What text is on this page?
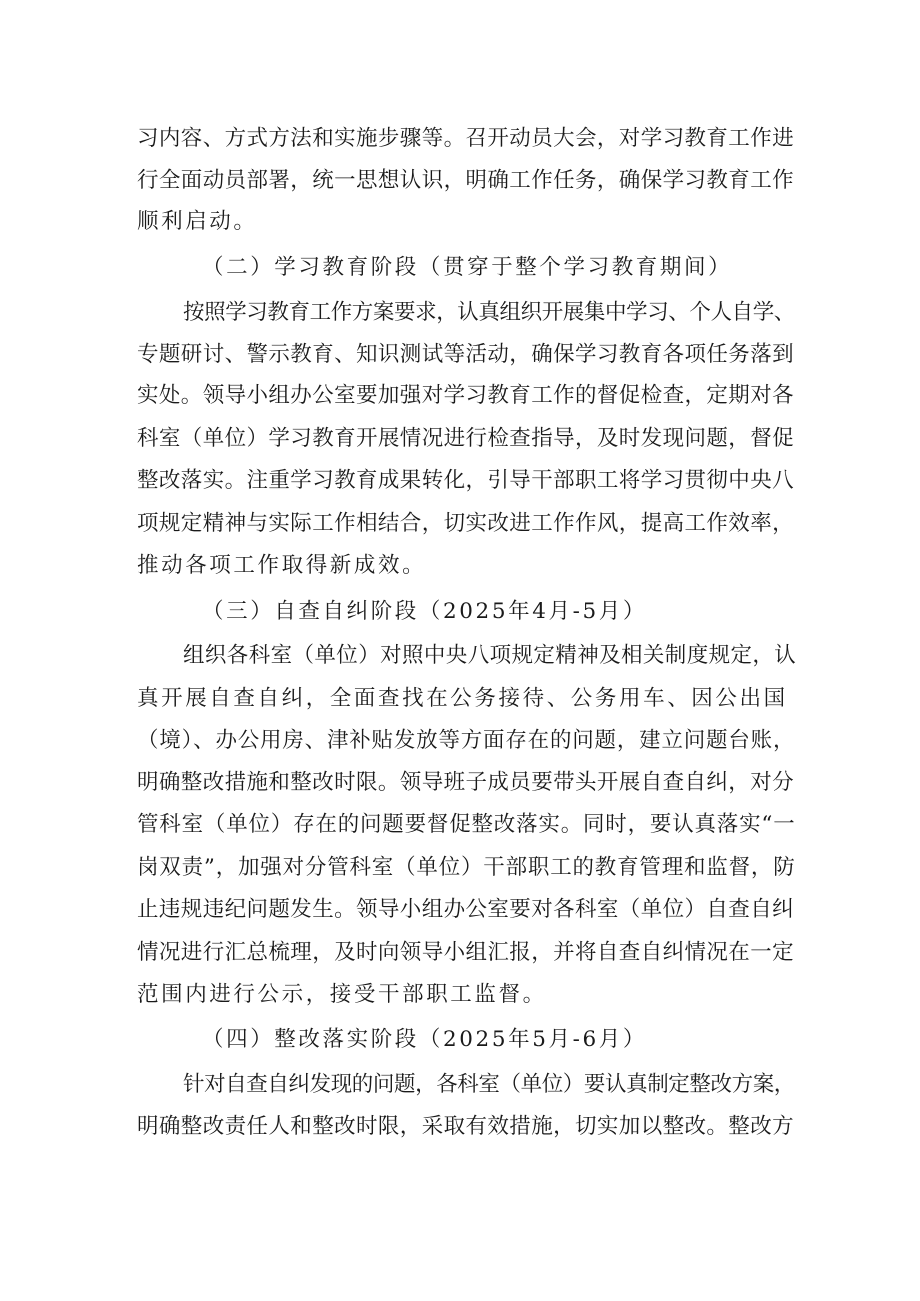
习内容、方式方法和实施步骤等。召开动员大会，对学习教育工作进
行全面动员部署，统一思想认识，明确工作任务，确保学习教育工作
顺利启动。
（二）学习教育阶段（贯穿于整个学习教育期间）
按照学习教育工作方案要求，认真组织开展集中学习、个人自学、
专题研讨、警示教育、知识测试等活动，确保学习教育各项任务落到
实处。领导小组办公室要加强对学习教育工作的督促检查，定期对各
科室（单位）学习教育开展情况进行检查指导，及时发现问题，督促
整改落实。注重学习教育成果转化，引导干部职工将学习贯彻中央八
项规定精神与实际工作相结合，切实改进工作作风，提高工作效率，
推动各项工作取得新成效。
（三）自查自纠阶段（2025年4月-5月）
组织各科室（单位）对照中央八项规定精神及相关制度规定，认
真开展自查自纠，全面查找在公务接待、公务用车、因公出国
（境）、办公用房、津补贴发放等方面存在的问题，建立问题台账，
明确整改措施和整改时限。领导班子成员要带头开展自查自纠，对分
管科室（单位）存在的问题要督促整改落实。同时，要认真落实“一
岗双责”，加强对分管科室（单位）干部职工的教育管理和监督，防
止违规违纪问题发生。领导小组办公室要对各科室（单位）自查自纠
情况进行汇总梳理，及时向领导小组汇报，并将自查自纠情况在一定
范围内进行公示，接受干部职工监督。
（四）整改落实阶段（2025年5月-6月）
针对自查自纠发现的问题，各科室（单位）要认真制定整改方案，
明确整改责任人和整改时限，采取有效措施，切实加以整改。整改方
